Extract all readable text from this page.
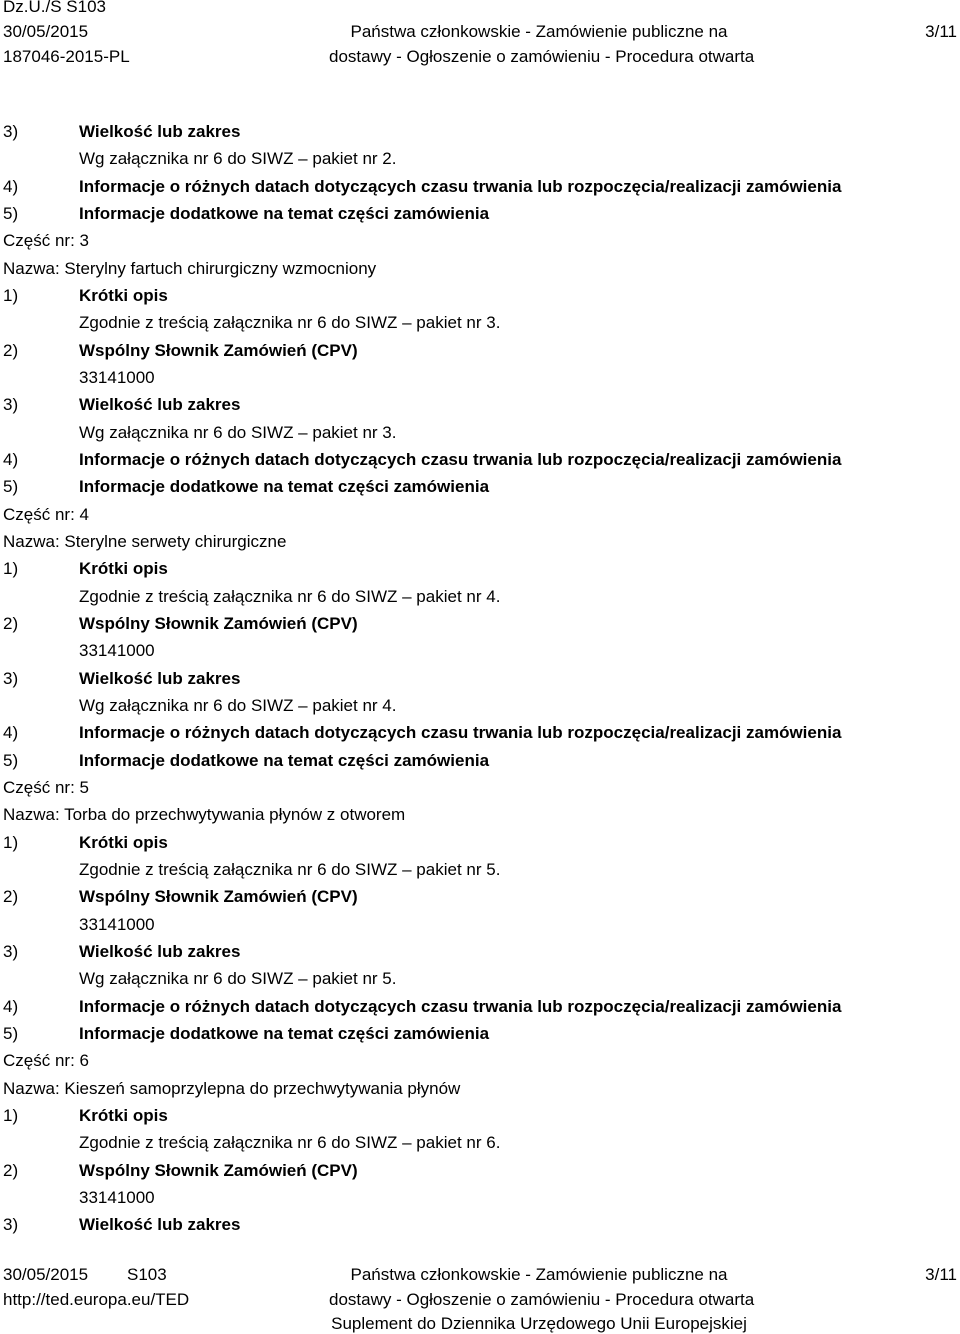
Dz.U./S S103
30/05/2015
187046-2015-PL
Państwa członkowskie - Zamówienie publiczne na
dostawy - Ogłoszenie o zamówieniu - Procedura otwarta
3/11
3)	Wielkość lub zakres
Wg załącznika nr 6 do SIWZ – pakiet nr 2.
4)	Informacje o różnych datach dotyczących czasu trwania lub rozpoczęcia/realizacji zamówienia
5)	Informacje dodatkowe na temat części zamówienia
Część nr: 3
Nazwa: Sterylny fartuch chirurgiczny wzmocniony
1)	Krótki opis
Zgodnie z treścią załącznika nr 6 do SIWZ – pakiet nr 3.
2)	Wspólny Słownik Zamówień (CPV)
33141000
3)	Wielkość lub zakres
Wg załącznika nr 6 do SIWZ – pakiet nr 3.
4)	Informacje o różnych datach dotyczących czasu trwania lub rozpoczęcia/realizacji zamówienia
5)	Informacje dodatkowe na temat części zamówienia
Część nr: 4
Nazwa: Sterylne serwety chirurgiczne
1)	Krótki opis
Zgodnie z treścią załącznika nr 6 do SIWZ – pakiet nr 4.
2)	Wspólny Słownik Zamówień (CPV)
33141000
3)	Wielkość lub zakres
Wg załącznika nr 6 do SIWZ – pakiet nr 4.
4)	Informacje o różnych datach dotyczących czasu trwania lub rozpoczęcia/realizacji zamówienia
5)	Informacje dodatkowe na temat części zamówienia
Część nr: 5
Nazwa: Torba do przechwytywania płynów z otworem
1)	Krótki opis
Zgodnie z treścią załącznika nr 6 do SIWZ – pakiet nr 5.
2)	Wspólny Słownik Zamówień (CPV)
33141000
3)	Wielkość lub zakres
Wg załącznika nr 6 do SIWZ – pakiet nr 5.
4)	Informacje o różnych datach dotyczących czasu trwania lub rozpoczęcia/realizacji zamówienia
5)	Informacje dodatkowe na temat części zamówienia
Część nr: 6
Nazwa: Kieszeń samoprzylepna do przechwytywania płynów
1)	Krótki opis
Zgodnie z treścią załącznika nr 6 do SIWZ – pakiet nr 6.
2)	Wspólny Słownik Zamówień (CPV)
33141000
3)	Wielkość lub zakres
30/05/2015 S103
http://ted.europa.eu/TED
Państwa członkowskie - Zamówienie publiczne na
dostawy - Ogłoszenie o zamówieniu - Procedura otwarta
Suplement do Dziennika Urzędowego Unii Europejskiej
3/11
